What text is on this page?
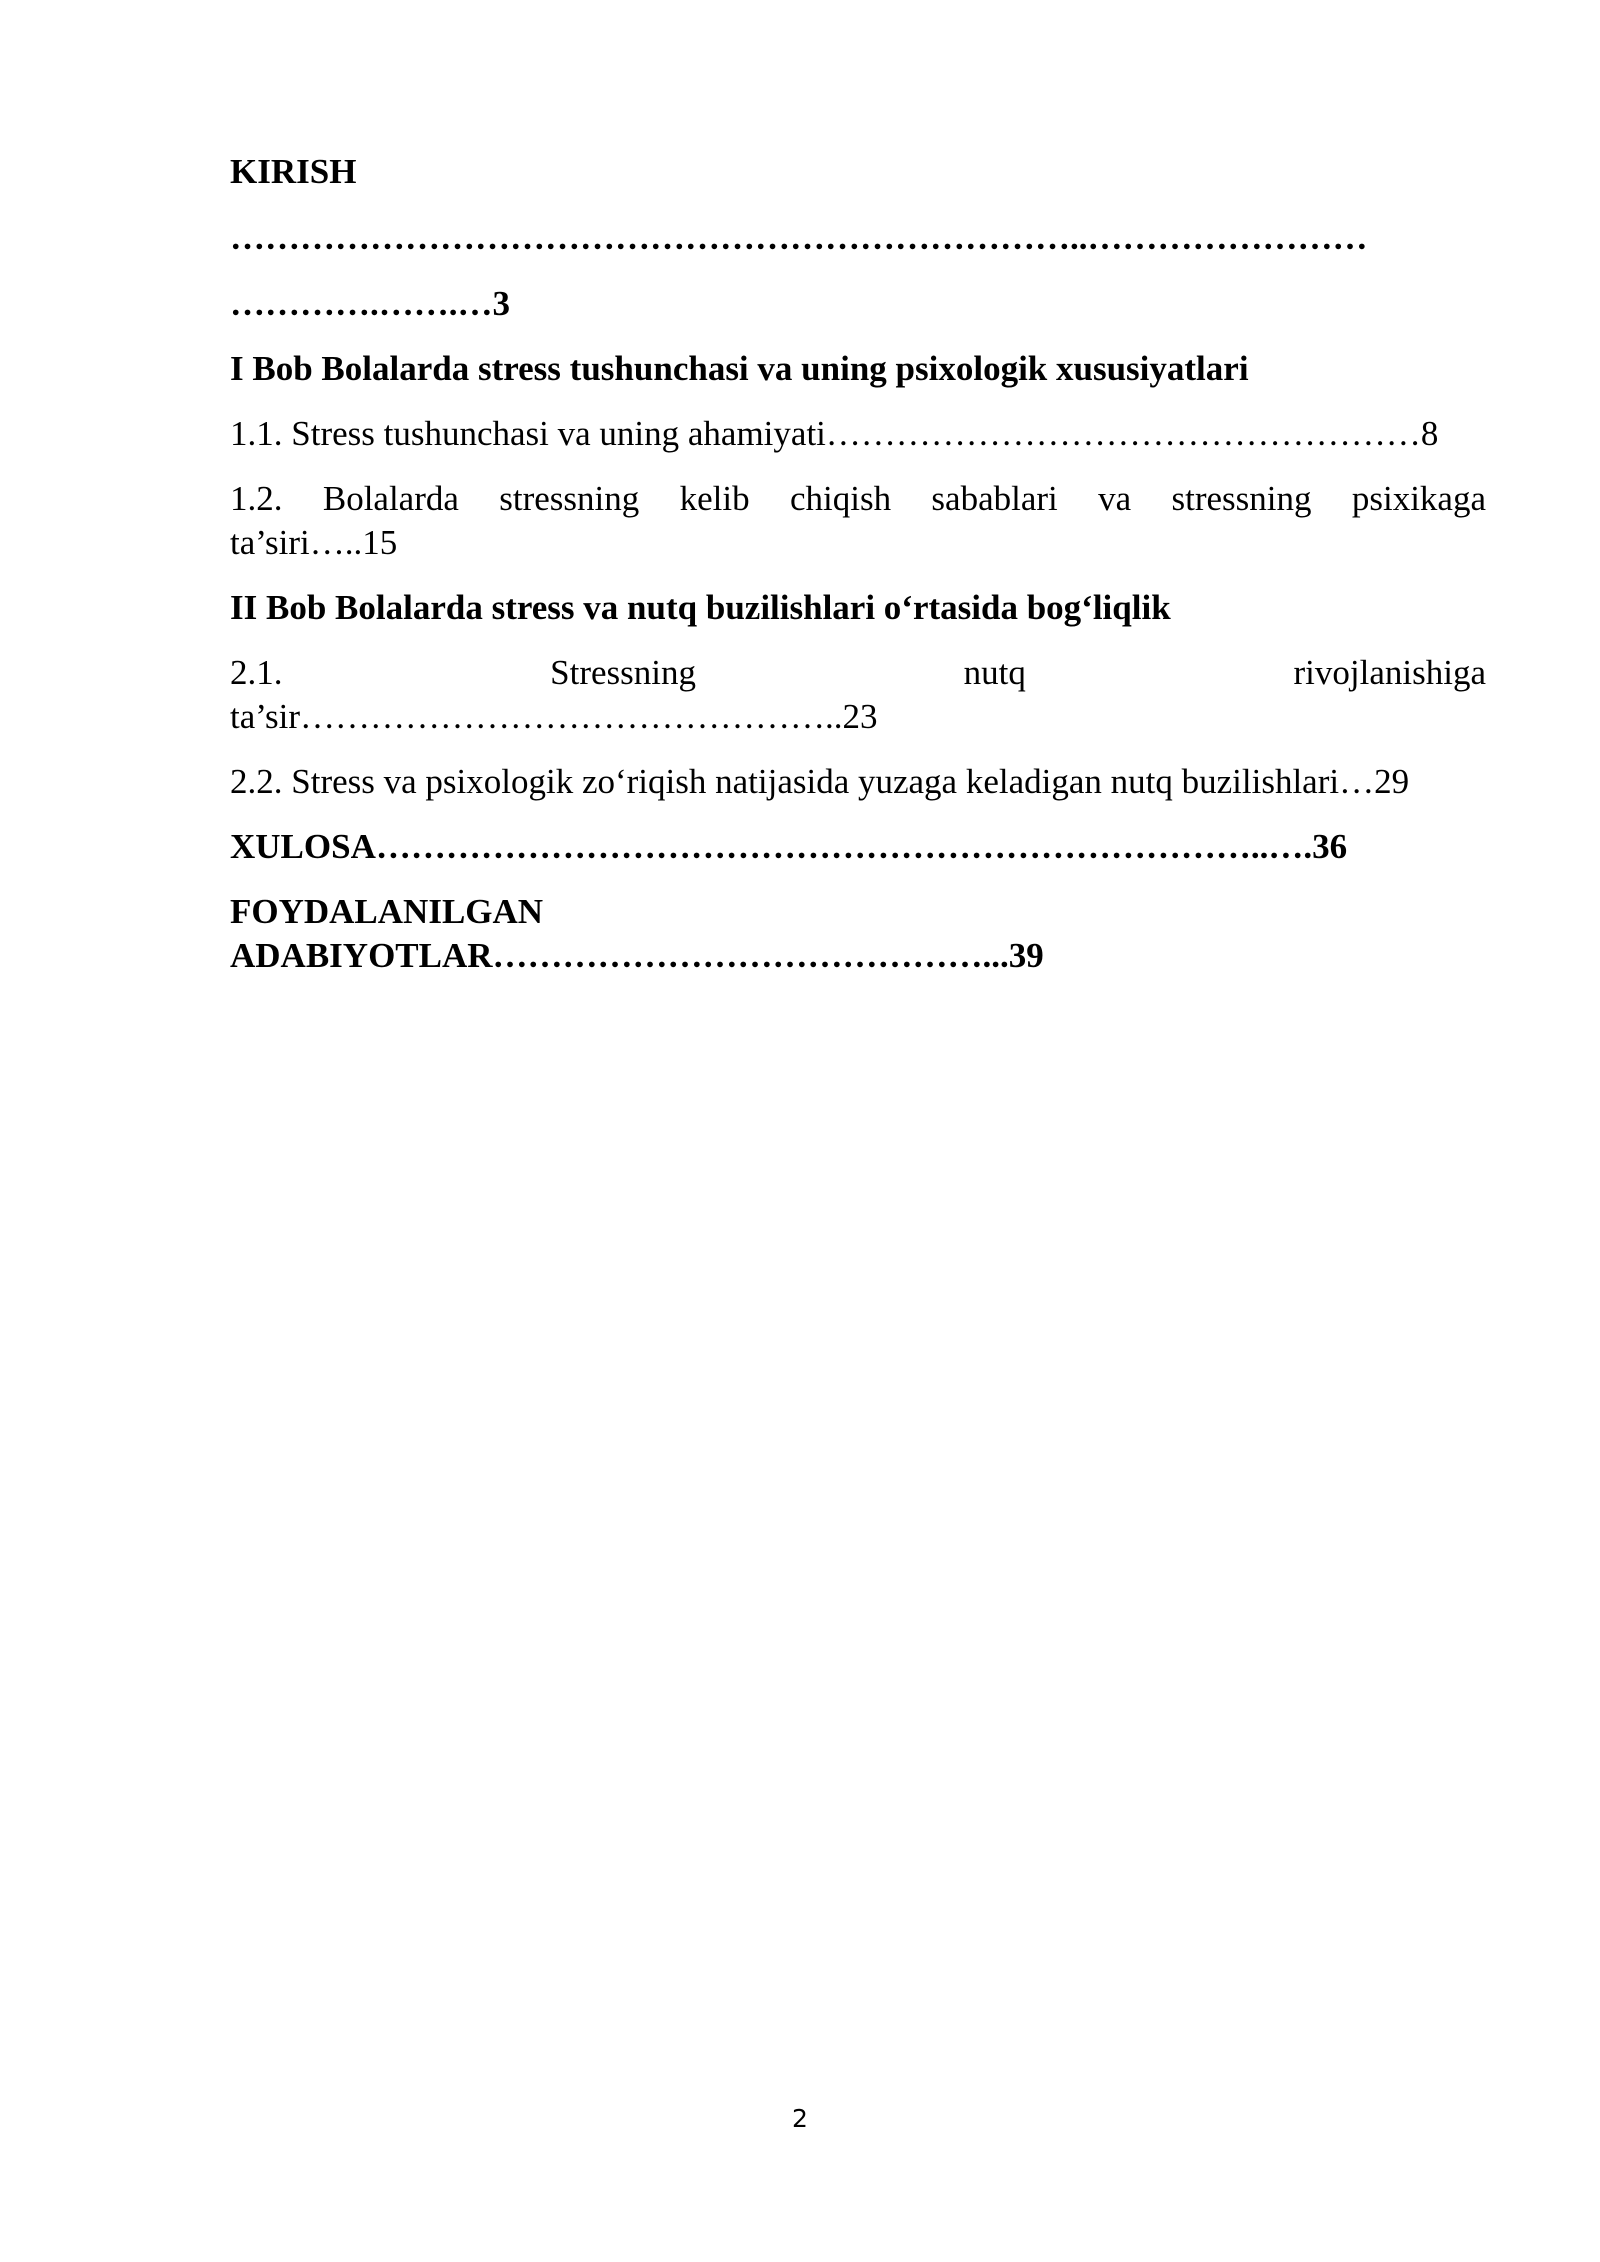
KIRISH
………………………………………………………………..……………………
………….…….…3
I Bob Bolalarda stress tushunchasi va uning psixologik xususiyatlari
1.1. Stress tushunchasi va uning ahamiyati……………………………………………8
1.2. Bolalarda stressning kelib chiqish sabablari va stressning psixikaga
ta’siri…..15
II Bob Bolalarda stress va nutq buzilishlari o‘rtasida bog‘liqlik
2.1. Stressning nutq rivojlanishiga
ta’sir………………………………………..23
2.2. Stress va psixologik zo‘riqish natijasida yuzaga keladigan nutq buzilishlari…29
XULOSA…………………………………………………………………..….36
FOYDALANILGAN
ADABIYOTLAR……………………………………...39
2
